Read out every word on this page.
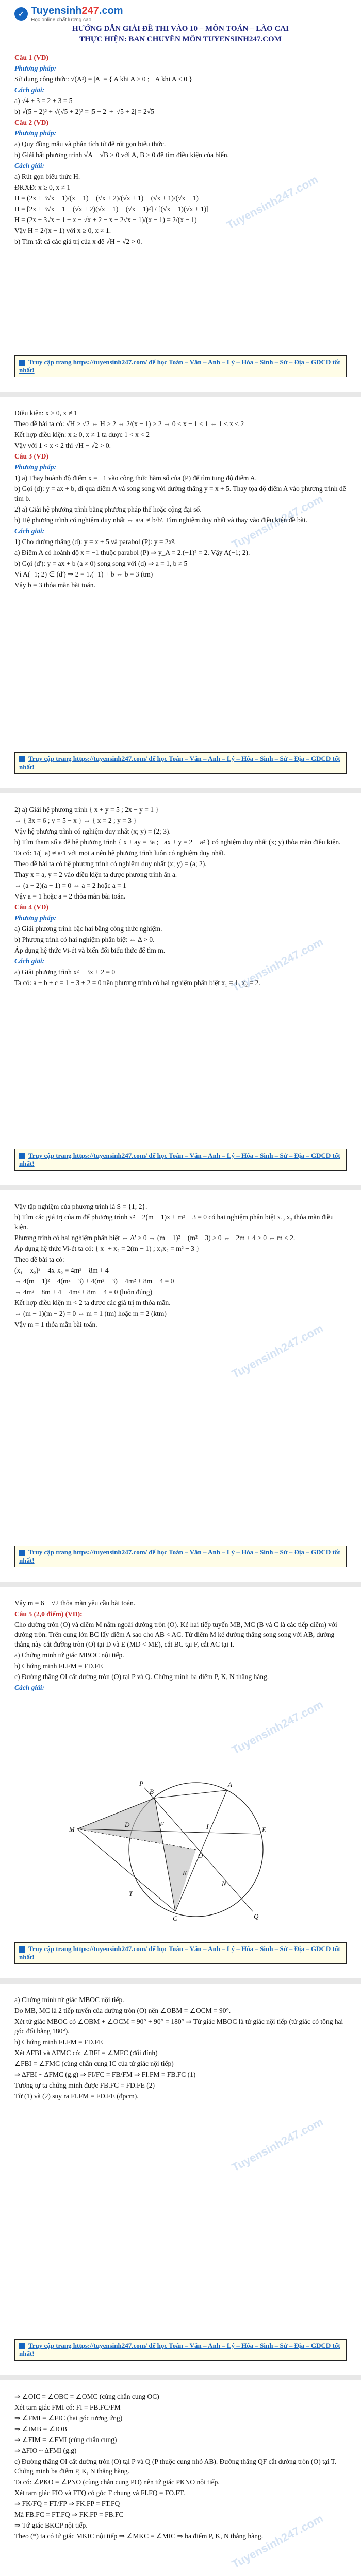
✓ Tuyensinh247.com
Học online chất lượng cao
HƯỚNG DẪN GIẢI ĐỀ THI VÀO 10 – MÔN TOÁN – LÀO CAI
THỰC HIỆN: BAN CHUYÊN MÔN TUYENSINH247.COM
Câu 1 (VD)
Phương pháp:
Sử dụng công thức: √(A²) = |A| = { A khi A ≥ 0 ; −A khi A < 0 }
Cách giải:
a) √4 + 3 = 2 + 3 = 5
b) √(5 − 2)² + √(√5 + 2)² = |5 − 2| + |√5 + 2| = 2√5
Câu 2 (VD)
Phương pháp:
a) Quy đồng mẫu và phân tích tử để rút gọn biểu thức.
b) Giải bất phương trình √A − √B > 0 với A, B ≥ 0 để tìm điều kiện của biến.
Cách giải:
a) Rút gọn biểu thức H.
ĐKXĐ: x ≥ 0, x ≠ 1
H = (2x + 3√x + 1)/(x − 1) − (√x + 2)/(√x + 1) − (√x + 1)/(√x − 1)
H = [2x + 3√x + 1 − (√x + 2)(√x − 1) − (√x + 1)²] / [(√x − 1)(√x + 1)]
H = (2x + 3√x + 1 − x − √x + 2 − x − 2√x − 1)/(x − 1) = 2/(x − 1)
Vậy H = 2/(x − 1) với x ≥ 0, x ≠ 1.
b) Tìm tất cả các giá trị của x để √H − √2 > 0.
Tuyensinh247.com
Truy cập trang https://tuyensinh247.com/ để học Toán – Văn – Anh – Lý – Hóa – Sinh – Sử – Địa – GDCD tốt nhất!
Điều kiện: x ≥ 0, x ≠ 1
Theo đề bài ta có: √H > √2 ⇔ H > 2 ⇔ 2/(x − 1) > 2 ⇔ 0 < x − 1 < 1 ⇔ 1 < x < 2
Kết hợp điều kiện: x ≥ 0, x ≠ 1 ta được 1 < x < 2
Vậy với 1 < x < 2 thì √H − √2 > 0.
Câu 3 (VD)
Phương pháp:
1) a) Thay hoành độ điểm x = −1 vào công thức hàm số của (P) để tìm tung độ điểm A.
b) Gọi (d): y = ax + b, đi qua điểm A và song song với đường thẳng y = x + 5. Thay tọa độ điểm A vào phương trình để tìm b.
2) a) Giải hệ phương trình bằng phương pháp thế hoặc cộng đại số.
b) Hệ phương trình có nghiệm duy nhất ⇔ a/a' ≠ b/b'. Tìm nghiệm duy nhất và thay vào điều kiện đề bài.
Cách giải:
1) Cho đường thẳng (d): y = x + 5 và parabol (P): y = 2x².
a) Điểm A có hoành độ x = −1 thuộc parabol (P) ⇒ y_A = 2.(−1)² = 2. Vậy A(−1; 2).
b) Gọi (d'): y = ax + b (a ≠ 0) song song với (d) ⇒ a = 1, b ≠ 5
Vì A(−1; 2) ∈ (d') ⇒ 2 = 1.(−1) + b ⇔ b = 3 (tm)
Vậy b = 3 thỏa mãn bài toán.
Tuyensinh247.com
Truy cập trang https://tuyensinh247.com/ để học Toán – Văn – Anh – Lý – Hóa – Sinh – Sử – Địa – GDCD tốt nhất!
2) a) Giải hệ phương trình { x + y = 5 ; 2x − y = 1 }
⇔ { 3x = 6 ; y = 5 − x } ⇔ { x = 2 ; y = 3 }
Vậy hệ phương trình có nghiệm duy nhất (x; y) = (2; 3).
b) Tìm tham số a để hệ phương trình { x + ay = 3a ; −ax + y = 2 − a² } có nghiệm duy nhất (x; y) thỏa mãn điều kiện.
Ta có: 1/(−a) ≠ a/1 với mọi a nên hệ phương trình luôn có nghiệm duy nhất.
Theo đề bài ta có hệ phương trình có nghiệm duy nhất (x; y) = (a; 2).
Thay x = a, y = 2 vào điều kiện ta được phương trình ẩn a.
⇔ (a − 2)(a − 1) = 0 ⇔ a = 2 hoặc a = 1
Vậy a = 1 hoặc a = 2 thỏa mãn bài toán.
Câu 4 (VD)
Phương pháp:
a) Giải phương trình bậc hai bằng công thức nghiệm.
b) Phương trình có hai nghiệm phân biệt ⇔ Δ > 0.
Áp dụng hệ thức Vi-ét và biến đổi biểu thức để tìm m.
Cách giải:
a) Giải phương trình x² − 3x + 2 = 0
Ta có: a + b + c = 1 − 3 + 2 = 0 nên phương trình có hai nghiệm phân biệt x₁ = 1, x₂ = 2.
Tuyensinh247.com
Truy cập trang https://tuyensinh247.com/ để học Toán – Văn – Anh – Lý – Hóa – Sinh – Sử – Địa – GDCD tốt nhất!
Vậy tập nghiệm của phương trình là S = {1; 2}.
b) Tìm các giá trị của m để phương trình x² − 2(m − 1)x + m² − 3 = 0 có hai nghiệm phân biệt x₁, x₂ thỏa mãn điều kiện.
Phương trình có hai nghiệm phân biệt ⇔ Δ' > 0 ⇔ (m − 1)² − (m² − 3) > 0 ⇔ −2m + 4 > 0 ⇔ m < 2.
Áp dụng hệ thức Vi-ét ta có: { x₁ + x₂ = 2(m − 1) ; x₁x₂ = m² − 3 }
Theo đề bài ta có:
(x₁ − x₂)² + 4x₁x₂ = 4m² − 8m + 4
⇔ 4(m − 1)² − 4(m² − 3) + 4(m² − 3) − 4m² + 8m − 4 = 0
⇔ 4m² − 8m + 4 − 4m² + 8m − 4 = 0 (luôn đúng)
Kết hợp điều kiện m < 2 ta được các giá trị m thỏa mãn.
⇔ (m − 1)(m − 2) = 0 ⇔ m = 1 (tm) hoặc m = 2 (ktm)
Vậy m = 1 thỏa mãn bài toán.	Tuyensinh247.com
Truy cập trang https://tuyensinh247.com/ để học Toán – Văn – Anh – Lý – Hóa – Sinh – Sử – Địa – GDCD tốt nhất!
Vậy m = 6 − √2 thỏa mãn yêu cầu bài toán.
Câu 5 (2,0 điểm) (VD):
Cho đường tròn (O) và điểm M nằm ngoài đường tròn (O). Kẻ hai tiếp tuyến MB, MC (B và C là các tiếp điểm) với đường tròn. Trên cung lớn BC lấy điểm A sao cho AB < AC. Từ điểm M kẻ đường thẳng song song với AB, đường thẳng này cắt đường tròn (O) tại D và E (MD < ME), cắt BC tại F, cắt AC tại I.
a) Chứng minh tứ giác MBOC nội tiếp.
b) Chứng minh FI.FM = FD.FE
c) Đường thẳng OI cắt đường tròn (O) tại P và Q. Chứng minh ba điểm P, K, N thẳng hàng.
Cách giải:
A
B
C
D
E
F	I
M
O
P
Q
K
N
T
Tuyensinh247.com
Truy cập trang https://tuyensinh247.com/ để học Toán – Văn – Anh – Lý – Hóa – Sinh – Sử – Địa – GDCD tốt nhất!
a) Chứng minh tứ giác MBOC nội tiếp.
Do MB, MC là 2 tiếp tuyến của đường tròn (O) nên ∠OBM = ∠OCM = 90°.
Xét tứ giác MBOC có ∠OBM + ∠OCM = 90° + 90° = 180° ⇒ Tứ giác MBOC là tứ giác nội tiếp (tứ giác có tổng hai góc đối bằng 180°).
b) Chứng minh FI.FM = FD.FE
Xét ΔFBI và ΔFMC có: ∠BFI = ∠MFC (đối đỉnh)
∠FBI = ∠FMC (cùng chắn cung IC của tứ giác nội tiếp)
⇒ ΔFBI ~ ΔFMC (g.g) ⇒ FI/FC = FB/FM ⇒ FI.FM = FB.FC (1)
Tương tự ta chứng minh được FB.FC = FD.FE (2)
Từ (1) và (2) suy ra FI.FM = FD.FE (đpcm).
Tuyensinh247.com
Truy cập trang https://tuyensinh247.com/ để học Toán – Văn – Anh – Lý – Hóa – Sinh – Sử – Địa – GDCD tốt nhất!
⇒ ∠OIC = ∠OBC = ∠OMC (cùng chắn cung OC)
Xét tam giác FMI có: FI = FB.FC/FM
⇒ ∠FMI = ∠FIC (hai góc tương ứng)
⇒ ∠IMB = ∠IOB
⇒ ∠FIM = ∠FMI (cùng chắn cung)
⇒ ΔFIO ~ ΔFMI (g.g)
c) Đường thẳng OI cắt đường tròn (O) tại P và Q (P thuộc cung nhỏ AB). Đường thẳng QF cắt đường tròn (O) tại T. Chứng minh ba điểm P, K, N thẳng hàng.
Ta có: ∠PKO = ∠PNO (cùng chắn cung PO) nên tứ giác PKNO nội tiếp.
Xét tam giác FIO và FTQ có góc F chung và FI.FQ = FO.FT.
⇒ FK/FQ = FT/FP ⇒ FK.FP = FT.FQ
Mà FB.FC = FT.FQ ⇒ FK.FP = FB.FC
⇒ Tứ giác BKCP nội tiếp.
Theo (*) ta có tứ giác MKIC nội tiếp ⇒ ∠MKC = ∠MIC ⇒ ba điểm P, K, N thẳng hàng.
Tuyensinh247.com
